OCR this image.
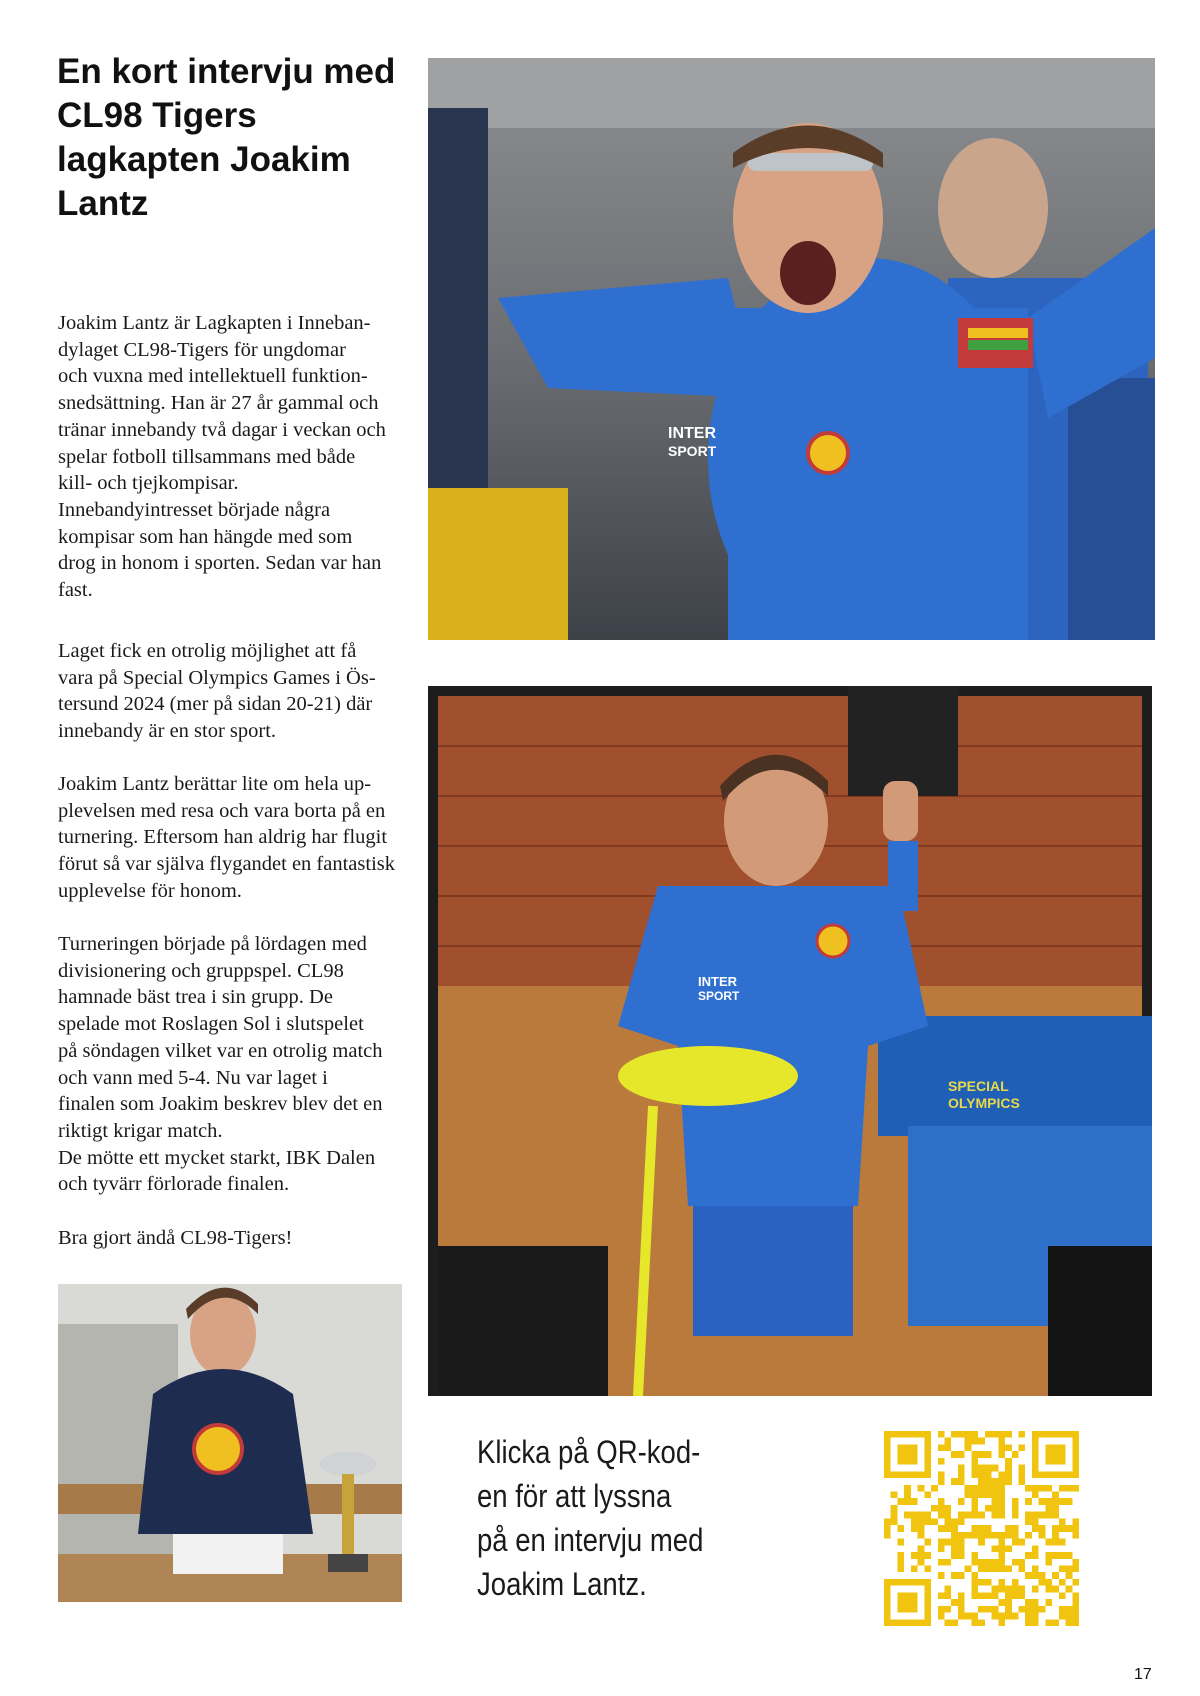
En kort intervju med CL98 Tigers lagkapten Joakim Lantz

Joakim Lantz är Lagkapten i Inneban-
dylaget CL98-Tigers för ungdomar
och vuxna med intellektuell funktion-
snedsättning. Han är 27 år gammal och
tränar innebandy två dagar i veckan och
spelar fotboll tillsammans med både
kill- och tjejkompisar.
Innebandyintresset började några
kompisar som han hängde med som
drog in honom i sporten. Sedan var han
fast.

Laget fick en otrolig möjlighet att få
vara på Special Olympics Games i Ös-
tersund 2024 (mer på sidan 20-21) där
innebandy är en stor sport.

Joakim Lantz berättar lite om hela up-
plevelsen med resa och vara borta på en
turnering. Eftersom han aldrig har flugit
förut så var själva flygandet en fantastisk
upplevelse för honom.

Turneringen började på lördagen med
divisionering och gruppspel. CL98
hamnade bäst trea i sin grupp. De
spelade mot Roslagen Sol i slutspelet
på söndagen vilket var en otrolig match
och vann med 5-4. Nu var laget i
finalen som Joakim beskrev blev det en
riktigt krigar match.
De mötte ett mycket starkt, IBK Dalen
och tyvärr förlorade finalen.

Bra gjort ändå CL98-Tigers!

INTER
SPORT
INTER
SPORT
SPECIAL
OLYMPICS

Klicka på QR-kod-
en för att lyssna
på en intervju med
Joakim Lantz.

17
